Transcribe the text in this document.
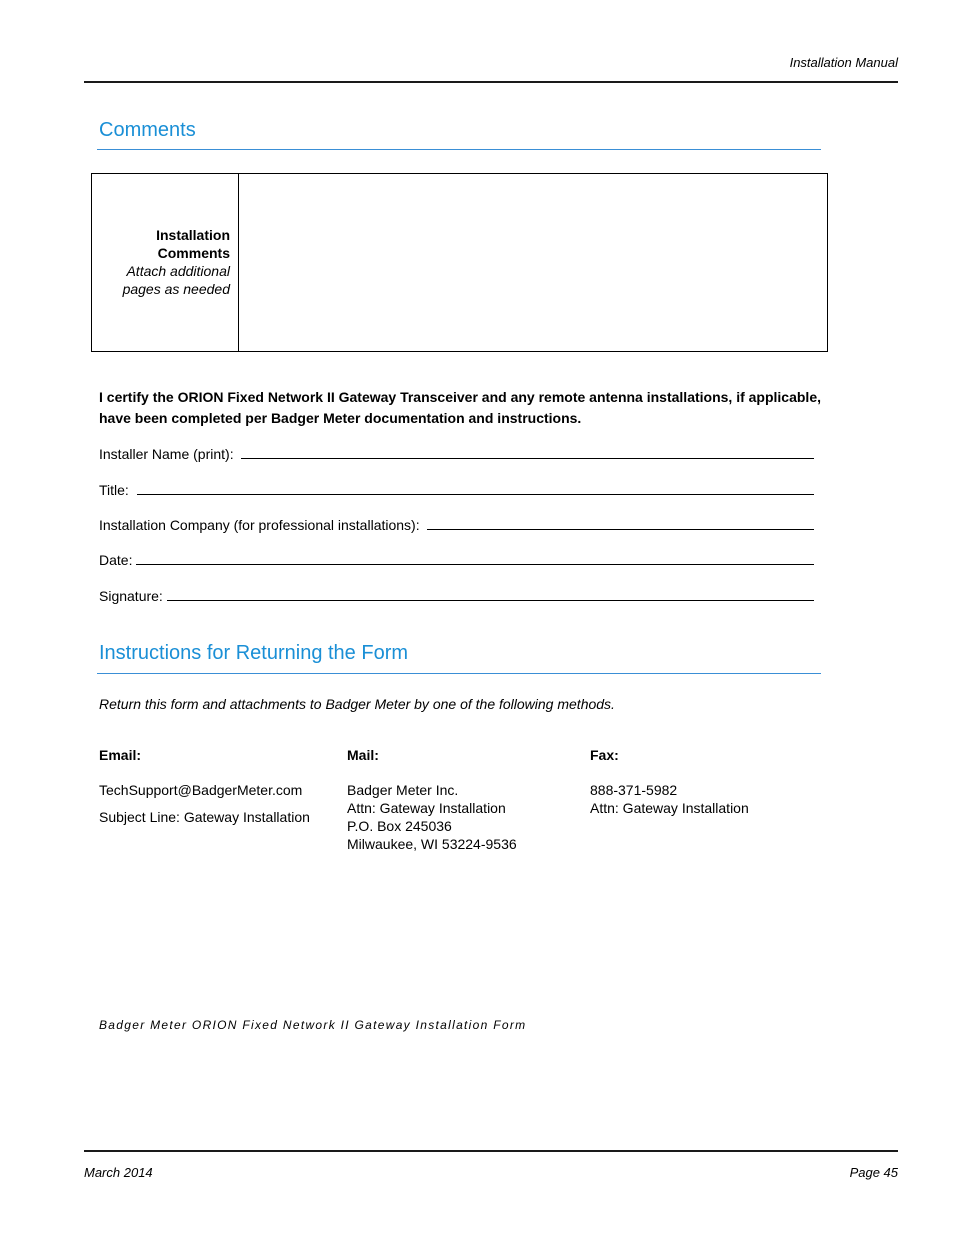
Installation Manual
Comments
Installation
Comments
Attach additional
pages as needed
I certify the ORION Fixed Network II Gateway Transceiver and any remote antenna installations, if applicable, have been completed per Badger Meter documentation and instructions.
Installer Name (print):
Title:
Installation Company (for professional installations):
Date:
Signature:
Instructions for Returning the Form
Return this form and attachments to Badger Meter by one of the following methods.
Email:
TechSupport@BadgerMeter.com
Subject Line: Gateway Installation
Mail:
Badger Meter Inc.
Attn: Gateway Installation
P.O. Box 245036
Milwaukee, WI 53224-9536
Fax:
888-371-5982
Attn: Gateway Installation
Badger Meter ORION Fixed Network II Gateway Installation Form
March 2014	Page 45
